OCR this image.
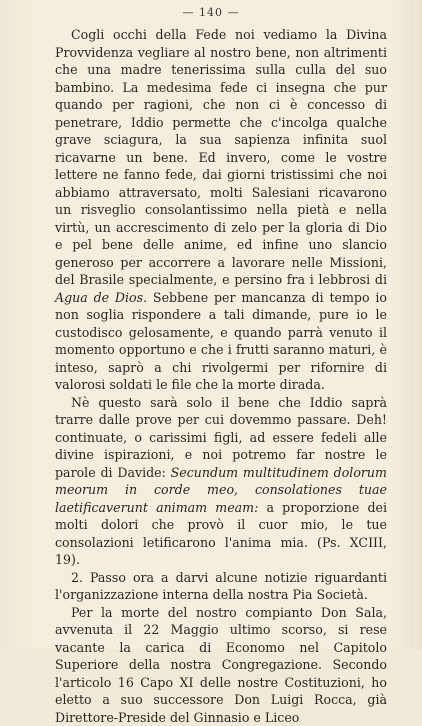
— 140 —

Cogli occhi della Fede noi vediamo la Divina Provvidenza vegliare al nostro bene, non altrimenti che una madre tenerissima sulla culla del suo bambino. La medesima fede ci insegna che pur quando per ragioni, che non ci è concesso di penetrare, Iddio permette che c'incolga qualche grave sciagura, la sua sapienza infinita suol ricavarne un bene. Ed invero, come le vostre lettere ne fanno fede, dai giorni tristissimi che noi abbiamo attraversato, molti Salesiani ricavarono un risveglio consolantissimo nella pietà e nella virtù, un accrescimento di zelo per la gloria di Dio e pel bene delle anime, ed infine uno slancio generoso per accorrere a lavorare nelle Missioni, del Brasile specialmente, e persino fra i lebbrosi di Agua de Dios. Sebbene per mancanza di tempo io non soglia rispondere a tali dimande, pure io le custodisco gelosamente, e quando parrà venuto il momento opportuno e che i frutti saranno maturi, è inteso, saprò a chi rivolgermi per rifornire di valorosi soldati le file che la morte dirada.

Nè questo sarà solo il bene che Iddio saprà trarre dalle prove per cui dovemmo passare. Deh! continuate, o carissimi figli, ad essere fedeli alle divine ispirazioni, e noi potremo far nostre le parole di Davide: Secundum multitudinem dolorum meorum in corde meo, consolationes tuae laetificaverunt animam meam: a proporzione dei molti dolori che provò il cuor mio, le tue consolazioni letificarono l'anima mia. (Ps. XCIII, 19).

2. Passo ora a darvi alcune notizie riguardanti l'organizzazione interna della nostra Pia Società.

Per la morte del nostro compianto Don Sala, avvenuta il 22 Maggio ultimo scorso, si rese vacante la carica di Economo nel Capitolo Superiore della nostra Congregazione. Secondo l'articolo 16 Capo XI delle nostre Costituzioni, ho eletto a suo successore Don Luigi Rocca, già Direttore-Preside del Ginnasio e Liceo
